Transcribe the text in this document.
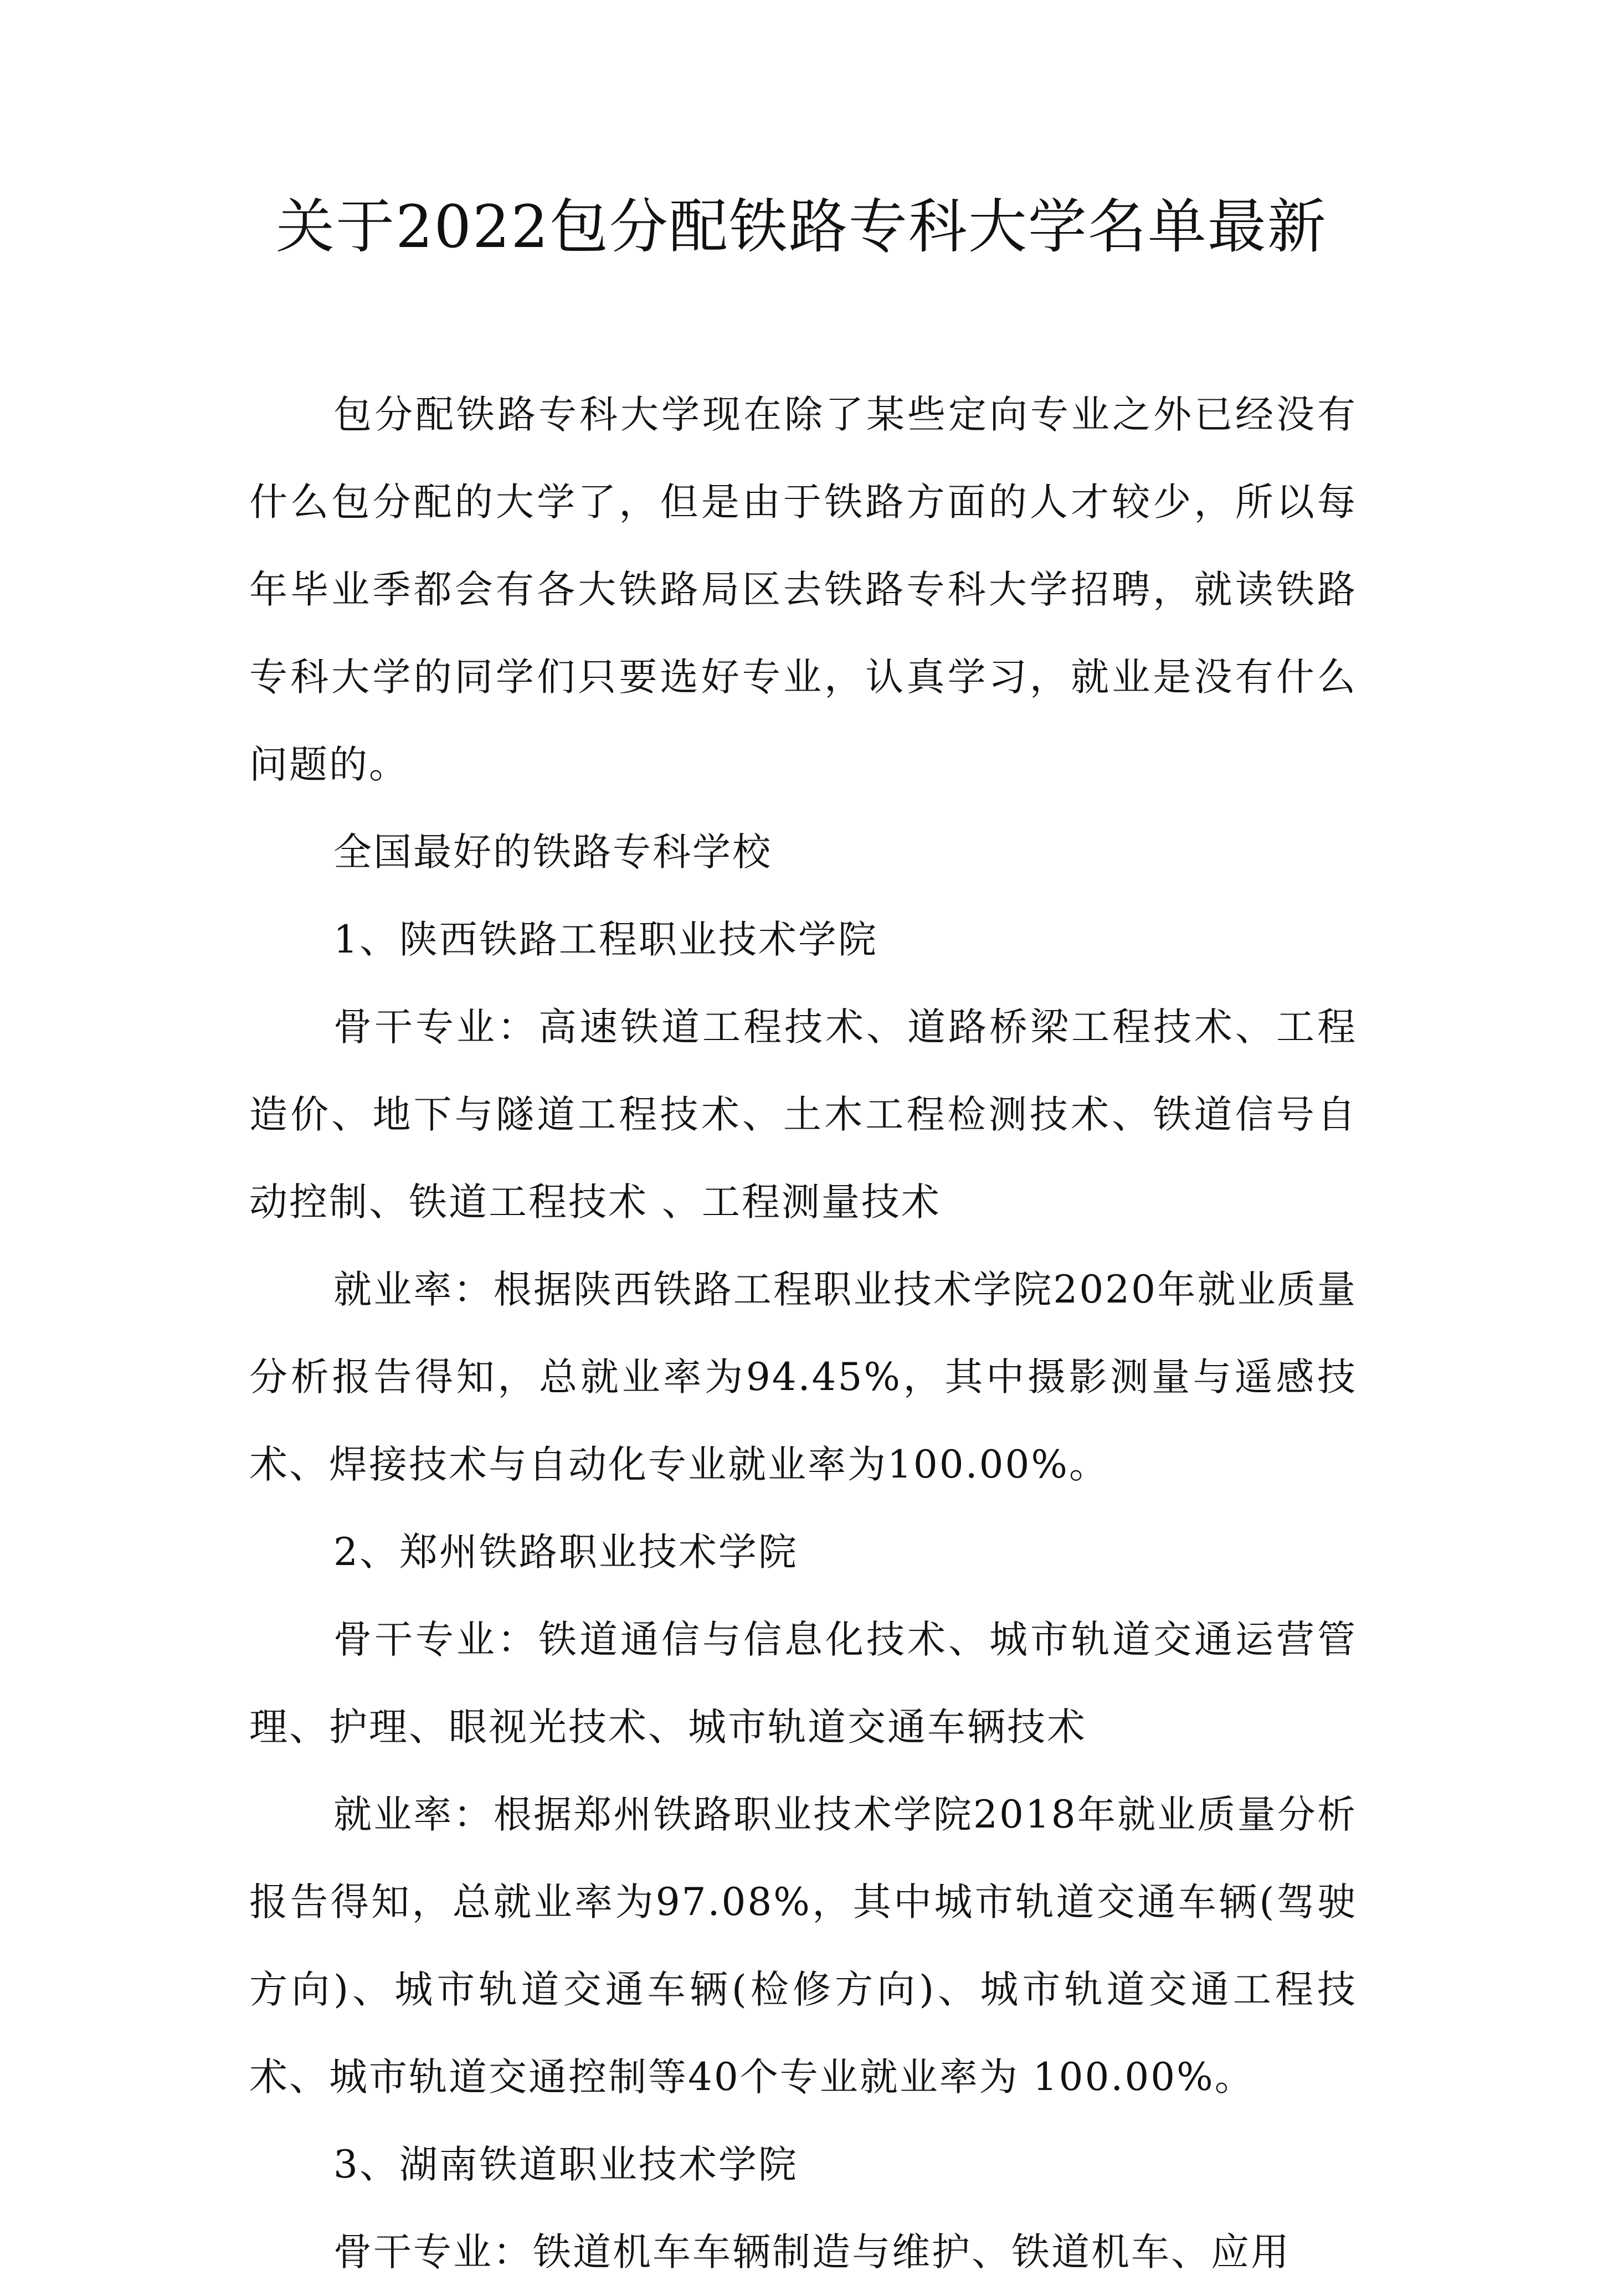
关于2022包分配铁路专科大学名单最新

包分配铁路专科大学现在除了某些定向专业之外已经没有什么包分配的大学了，但是由于铁路方面的人才较少，所以每年毕业季都会有各大铁路局区去铁路专科大学招聘，就读铁路专科大学的同学们只要选好专业，认真学习，就业是没有什么问题的。

全国最好的铁路专科学校

1、陕西铁路工程职业技术学院

骨干专业：高速铁道工程技术、道路桥梁工程技术、工程造价、地下与隧道工程技术、土木工程检测技术、铁道信号自动控制、铁道工程技术 、工程测量技术

就业率：根据陕西铁路工程职业技术学院2020年就业质量分析报告得知，总就业率为94.45%，其中摄影测量与遥感技术、焊接技术与自动化专业就业率为100.00%。

2、郑州铁路职业技术学院

骨干专业：铁道通信与信息化技术、城市轨道交通运营管理、护理、眼视光技术、城市轨道交通车辆技术

就业率：根据郑州铁路职业技术学院2018年就业质量分析报告得知，总就业率为97.08%，其中城市轨道交通车辆(驾驶方向)、城市轨道交通车辆(检修方向)、城市轨道交通工程技术、城市轨道交通控制等40个专业就业率为 100.00%。

3、湖南铁道职业技术学院

骨干专业：铁道机车车辆制造与维护、铁道机车、应用
